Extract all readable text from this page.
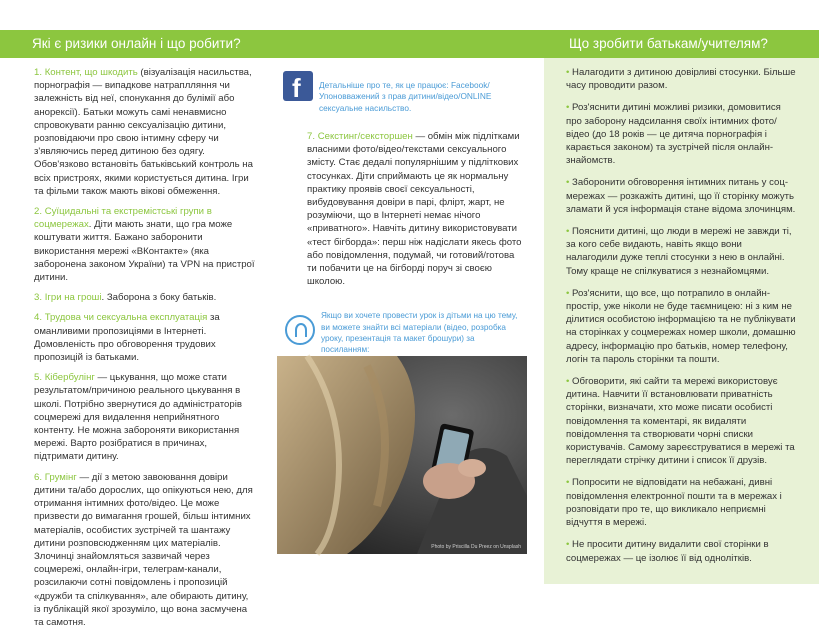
Які є ризики онлайн і що робити?	Що зробити батькам/учителям?

1. Контент, що шкодить (візуалізація насильства, порнографія — випадкове натраплляння чи залежність від неї, спонукання до булімії або анорексії). Батьки можуть самі ненавмисно спровокувати ранню сексуалізацію дитини, розповідаючи про свою інтимну сферу чи з'являючись перед дитиною без одягу. Обов'язково встановіть батьківський контроль на всіх пристроях, якими користується дитина. Ігри та фільми також мають вікові обмеження.

2. Суїцидальні та екстремістські групи в соцмережах. Діти мають знати, що гра може коштувати життя. Бажано заборонити використання мережі «ВКонтакте» (яка заборонена законом України) та VPN на пристрої дитини.

3. Ігри на гроші. Заборона з боку батьків.

4. Трудова чи сексуальна експлуатація за оманливими пропозиціями в Інтернеті. Домовленість про обговорення трудових пропозицій із батьками.

5. Кібербулінг — цькування, що може стати результатом/причиною реального цькування в школі. Потрібно звернутися до адміністраторів соцмережі для видалення неприйнятного контенту. Не можна забороняти використання мережі. Варто розібратися в причинах, підтримати дитину.

6. Грумінг — дії з метою завоювання довіри дитини та/або дорослих, що опікуються нею, для отримання інтимних фото/відео. Це може призвести до вимагання грошей, більш інтимних матеріалів, особистих зустрічей та шантажу дитини розповсюдженням цих матеріалів. Злочинці знайомляться зазвичай через соцмережі, онлайн-ігри, телеграм-канали, розсилаючи сотні повідомлень і пропозицій «дружби та спілкування», але обирають дитину, із публікацій якої зрозуміло, що вона засмучена та самотня.

f Детальніше про те, як це працює: Facebook/Упоновважений з прав дитини/відео/ONLINE сексуальне насильство.

7. Секстинг/сексторшен — обмін між підлітками власними фото/відео/текстами сексуального змісту. Стає дедалі популярнішим у підліткових стосунках. Діти сприймають це як нормальну практику проявів своєї сексуальності, вибудовування довіри в парі, флірт, жарт, не розуміючи, що в Інтернеті немає нічого «приватного». Навчіть дитину використовувати «тест бігборда»: перш ніж надіслати якесь фото або повідомлення, подумай, чи готовий/готова ти побачити це на бігборді поруч зі своєю школою.

Якщо ви хочете провести урок із дітьми на цю тему, ви можете знайти всі матеріали (відео, розробка уроку, презентація та макет брошури) за посиланням:
Photo by Priscilla Du Preez on Unsplash
• Налагодити з дитиною довірливі стосунки. Більше часу проводити разом.
• Роз'яснити дитині можливі ризики, домовитися про заборону надсилання своїх інтимних фото/відео (до 18 років — це дитяча порнографія і карається законом) та зустрічей після онлайн-знайомств.
• Заборонити обговорення інтимних питань у соц-мережах — розкажіть дитині, що її сторінку можуть зламати й уся інформація стане відома злочинцям.
• Пояснити дитині, що люди в мережі не завжди ті, за кого себе видають, навіть якщо вони налагодили дуже теплі стосунки з нею в онлайні. Тому краще не спілкуватися з незнайомцями.
• Роз'яснити, що все, що потрапило в онлайн-простір, уже ніколи не буде таємницею: ні з ким не ділитися особистою інформацією та не публікувати на сторінках у соцмережах номер школи, домашню адресу, інформацію про батьків, номер телефону, логін та пароль сторінки та пошти.
• Обговорити, які сайти та мережі використовує дитина. Навчити її встановлювати приватність сторінки, визначати, хто може писати особисті повідомлення та коментарі, як видаляти повідомлення та створювати чорні списки користувачів. Самому зареєструватися в мережі та переглядати стрічку дитини і список її друзів.
• Попросити не відповідати на небажані, дивні повідомлення електронної пошти та в мережах і розповідати про те, що викликало неприємні відчуття в мережі.
• Не просити дитину видалити свої сторінки в соцмережах — це ізолює її від однолітків.
